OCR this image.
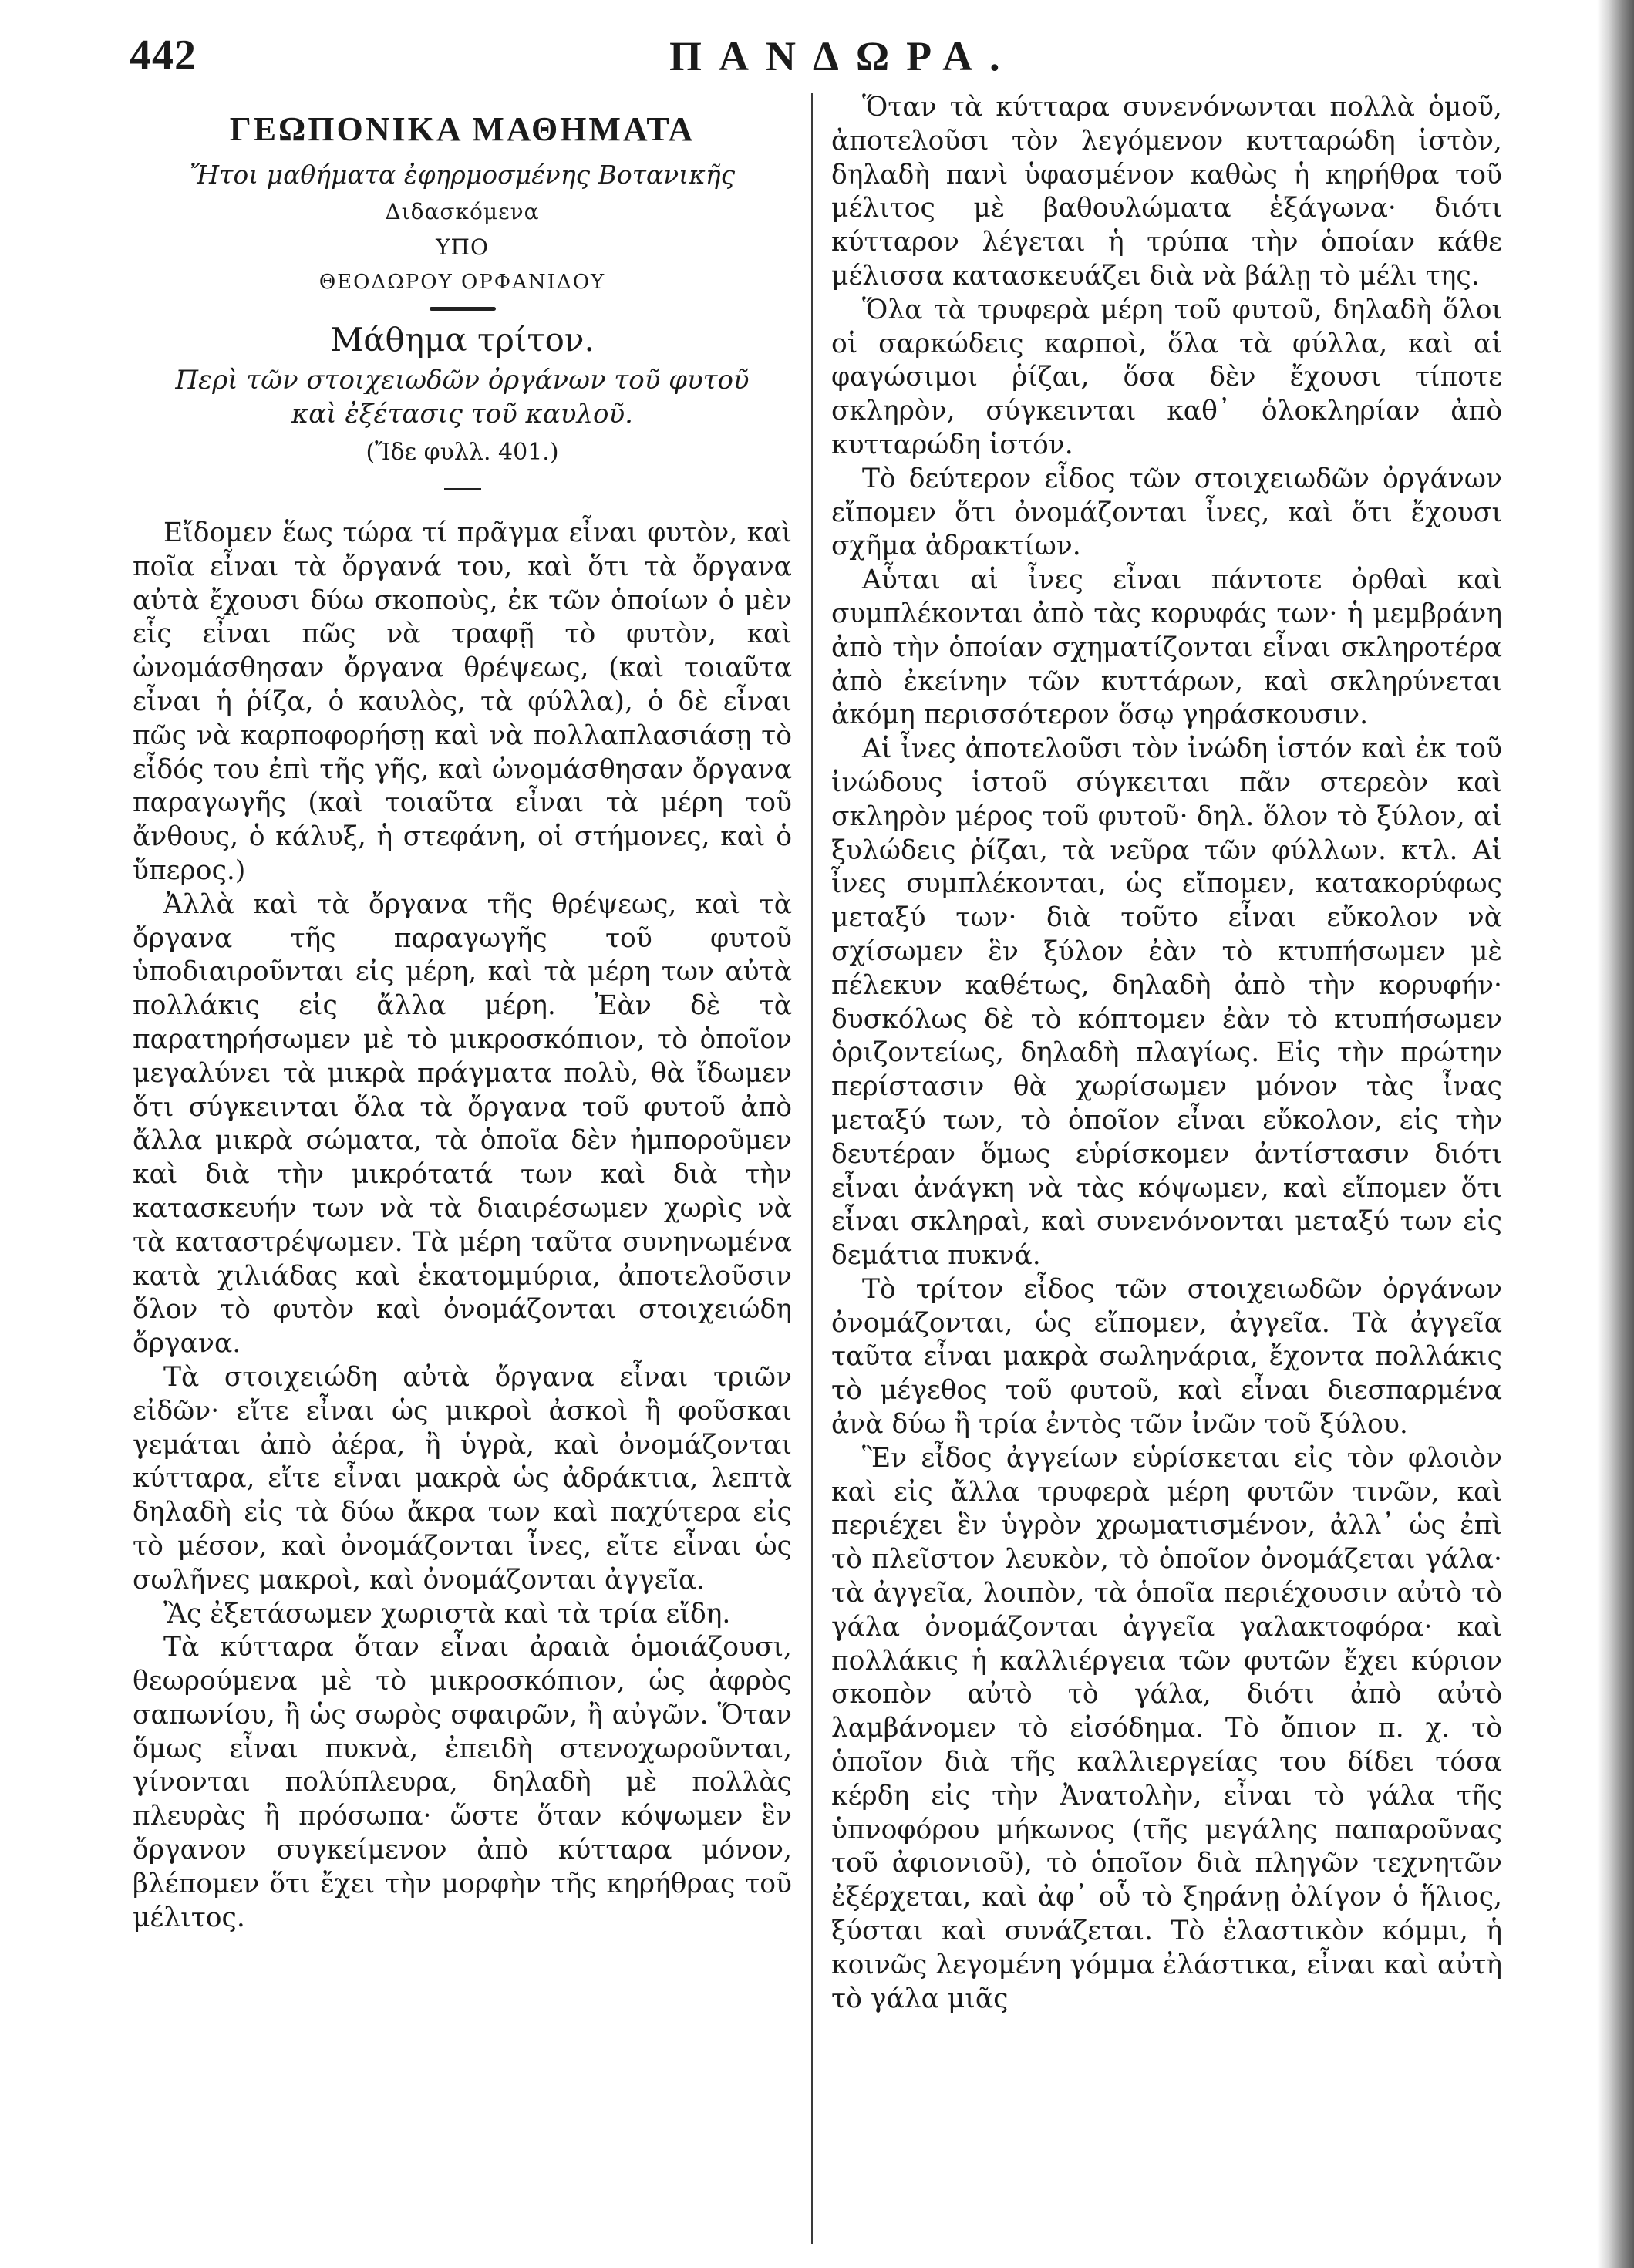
442	ΠΑΝΔΩΡΑ.
ΓΕΩΠΟΝΙΚΑ ΜΑΘΗΜΑΤΑ
Ἤτοι μαθήματα ἐφηρμοσμένης Βοτανικῆς
Διδασκόμενα
ΥΠΟ
ΘΕΟΔΩΡΟΥ ΟΡΦΑΝΙΔΟΥ
Μάθημα τρίτον.
Περὶ τῶν στοιχειωδῶν ὀργάνων τοῦ φυτοῦ
καὶ ἐξέτασις τοῦ καυλοῦ.
(Ἴδε φυλλ. 401.)

Εἴδομεν ἕως τώρα τί πρᾶγμα εἶναι φυτὸν, καὶ ποῖα εἶναι τὰ ὄργανά του, καὶ ὅτι τὰ ὄργανα αὐτὰ ἔχουσι δύω σκοποὺς, ἐκ τῶν ὁποίων ὁ μὲν εἷς εἶναι πῶς νὰ τραφῇ τὸ φυτὸν, καὶ ὠνομάσθησαν ὄργανα θρέψεως, (καὶ τοιαῦτα εἶναι ἡ ῥίζα, ὁ καυλὸς, τὰ φύλλα), ὁ δὲ εἶναι πῶς νὰ καρποφορήσῃ καὶ νὰ πολλαπλασιάσῃ τὸ εἶδός του ἐπὶ τῆς γῆς, καὶ ὠνομάσθησαν ὄργανα παραγωγῆς (καὶ τοιαῦτα εἶναι τὰ μέρη τοῦ ἄνθους, ὁ κάλυξ, ἡ στεφάνη, οἱ στήμονες, καὶ ὁ ὕπερος.)

Ἀλλὰ καὶ τὰ ὄργανα τῆς θρέψεως, καὶ τὰ ὄργανα τῆς παραγωγῆς τοῦ φυτοῦ ὑποδιαιροῦνται εἰς μέρη, καὶ τὰ μέρη των αὐτὰ πολλάκις εἰς ἄλλα μέρη. Ἐὰν δὲ τὰ παρατηρήσωμεν μὲ τὸ μικροσκόπιον, τὸ ὁποῖον μεγαλύνει τὰ μικρὰ πράγματα πολὺ, θὰ ἴδωμεν ὅτι σύγκεινται ὅλα τὰ ὄργανα τοῦ φυτοῦ ἀπὸ ἄλλα μικρὰ σώματα, τὰ ὁποῖα δὲν ἠμποροῦμεν καὶ διὰ τὴν μικρότατά των καὶ διὰ τὴν κατασκευήν των νὰ τὰ διαιρέσωμεν χωρὶς νὰ τὰ καταστρέψωμεν. Τὰ μέρη ταῦτα συνηνωμένα κατὰ χιλιάδας καὶ ἑκατομμύρια, ἀποτελοῦσιν ὅλον τὸ φυτὸν καὶ ὀνομάζονται στοιχειώδη ὄργανα.

Τὰ στοιχειώδη αὐτὰ ὄργανα εἶναι τριῶν εἰδῶν· εἴτε εἶναι ὡς μικροὶ ἀσκοὶ ἢ φοῦσκαι γεμάται ἀπὸ ἀέρα, ἢ ὑγρὰ, καὶ ὀνομάζονται κύτταρα, εἴτε εἶναι μακρὰ ὡς ἀδράκτια, λεπτὰ δηλαδὴ εἰς τὰ δύω ἄκρα των καὶ παχύτερα εἰς τὸ μέσον, καὶ ὀνομάζονται ἶνες, εἴτε εἶναι ὡς σωλῆνες μακροὶ, καὶ ὀνομάζονται ἀγγεῖα.

Ἂς ἐξετάσωμεν χωριστὰ καὶ τὰ τρία εἴδη.

Τὰ κύτταρα ὅταν εἶναι ἀραιὰ ὁμοιάζουσι, θεωρούμενα μὲ τὸ μικροσκόπιον, ὡς ἀφρὸς σαπωνίου, ἢ ὡς σωρὸς σφαιρῶν, ἢ αὐγῶν. Ὅταν ὅμως εἶναι πυκνὰ, ἐπειδὴ στενοχωροῦνται, γίνονται πολύπλευρα, δηλαδὴ μὲ πολλὰς πλευρὰς ἢ πρόσωπα· ὥστε ὅταν κόψωμεν ἓν ὄργανον συγκείμενον ἀπὸ κύτταρα μόνον, βλέπομεν ὅτι ἔχει τὴν μορφὴν τῆς κηρήθρας τοῦ μέλιτος.

Ὅταν τὰ κύτταρα συνενόνωνται πολλὰ ὁμοῦ, ἀποτελοῦσι τὸν λεγόμενον κυτταρώδη ἱστὸν, δηλαδὴ πανὶ ὑφασμένον καθὼς ἡ κηρήθρα τοῦ μέλιτος μὲ βαθουλώματα ἑξάγωνα· διότι κύτταρον λέγεται ἡ τρύπα τὴν ὁποίαν κάθε μέλισσα κατασκευάζει διὰ νὰ βάλῃ τὸ μέλι της.

Ὅλα τὰ τρυφερὰ μέρη τοῦ φυτοῦ, δηλαδὴ ὅλοι οἱ σαρκώδεις καρποὶ, ὅλα τὰ φύλλα, καὶ αἱ φαγώσιμοι ῥίζαι, ὅσα δὲν ἔχουσι τίποτε σκληρὸν, σύγκεινται καθ᾽ ὁλοκληρίαν ἀπὸ κυτταρώδη ἱστόν.

Τὸ δεύτερον εἶδος τῶν στοιχειωδῶν ὀργάνων εἴπομεν ὅτι ὀνομάζονται ἶνες, καὶ ὅτι ἔχουσι σχῆμα ἀδρακτίων.

Αὗται αἱ ἶνες εἶναι πάντοτε ὀρθαὶ καὶ συμπλέκονται ἀπὸ τὰς κορυφάς των· ἡ μεμβράνη ἀπὸ τὴν ὁποίαν σχηματίζονται εἶναι σκληροτέρα ἀπὸ ἐκείνην τῶν κυττάρων, καὶ σκληρύνεται ἀκόμη περισσότερον ὅσῳ γηράσκουσιν.

Αἱ ἶνες ἀποτελοῦσι τὸν ἰνώδη ἱστόν καὶ ἐκ τοῦ ἰνώδους ἱστοῦ σύγκειται πᾶν στερεὸν καὶ σκληρὸν μέρος τοῦ φυτοῦ· δηλ. ὅλον τὸ ξύλον, αἱ ξυλώδεις ῥίζαι, τὰ νεῦρα τῶν φύλλων. κτλ. Αἱ ἶνες συμπλέκονται, ὡς εἴπομεν, κατακορύφως μεταξύ των· διὰ τοῦτο εἶναι εὔκολον νὰ σχίσωμεν ἓν ξύλον ἐὰν τὸ κτυπήσωμεν μὲ πέλεκυν καθέτως, δηλαδὴ ἀπὸ τὴν κορυφήν· δυσκόλως δὲ τὸ κόπτομεν ἐὰν τὸ κτυπήσωμεν ὁριζοντείως, δηλαδὴ πλαγίως. Εἰς τὴν πρώτην περίστασιν θὰ χωρίσωμεν μόνον τὰς ἶνας μεταξύ των, τὸ ὁποῖον εἶναι εὔκολον, εἰς τὴν δευτέραν ὅμως εὑρίσκομεν ἀντίστασιν διότι εἶναι ἀνάγκη νὰ τὰς κόψωμεν, καὶ εἴπομεν ὅτι εἶναι σκληραὶ, καὶ συνενόνονται μεταξύ των εἰς δεμάτια πυκνά.

Τὸ τρίτον εἶδος τῶν στοιχειωδῶν ὀργάνων ὀνομάζονται, ὡς εἴπομεν, ἀγγεῖα. Τὰ ἀγγεῖα ταῦτα εἶναι μακρὰ σωληνάρια, ἔχοντα πολλάκις τὸ μέγεθος τοῦ φυτοῦ, καὶ εἶναι διεσπαρμένα ἀνὰ δύω ἢ τρία ἐντὸς τῶν ἰνῶν τοῦ ξύλου.

Ἓν εἶδος ἀγγείων εὑρίσκεται εἰς τὸν φλοιὸν καὶ εἰς ἄλλα τρυφερὰ μέρη φυτῶν τινῶν, καὶ περιέχει ἓν ὑγρὸν χρωματισμένον, ἀλλ᾽ ὡς ἐπὶ τὸ πλεῖστον λευκὸν, τὸ ὁποῖον ὀνομάζεται γάλα· τὰ ἀγγεῖα, λοιπὸν, τὰ ὁποῖα περιέχουσιν αὐτὸ τὸ γάλα ὀνομάζονται ἀγγεῖα γαλακτοφόρα· καὶ πολλάκις ἡ καλλιέργεια τῶν φυτῶν ἔχει κύριον σκοπὸν αὐτὸ τὸ γάλα, διότι ἀπὸ αὐτὸ λαμβάνομεν τὸ εἰσόδημα. Τὸ ὄπιον π. χ. τὸ ὁποῖον διὰ τῆς καλλιεργείας του δίδει τόσα κέρδη εἰς τὴν Ἀνατολὴν, εἶναι τὸ γάλα τῆς ὑπνοφόρου μήκωνος (τῆς μεγάλης παπαροῦνας τοῦ ἀφιονιοῦ), τὸ ὁποῖον διὰ πληγῶν τεχνητῶν ἐξέρχεται, καὶ ἀφ᾽ οὗ τὸ ξηράνῃ ὀλίγον ὁ ἥλιος, ξύσται καὶ συνάζεται. Τὸ ἐλαστικὸν κόμμι, ἡ κοινῶς λεγομένη γόμμα ἐλάστικα, εἶναι καὶ αὐτὴ τὸ γάλα μιᾶς
